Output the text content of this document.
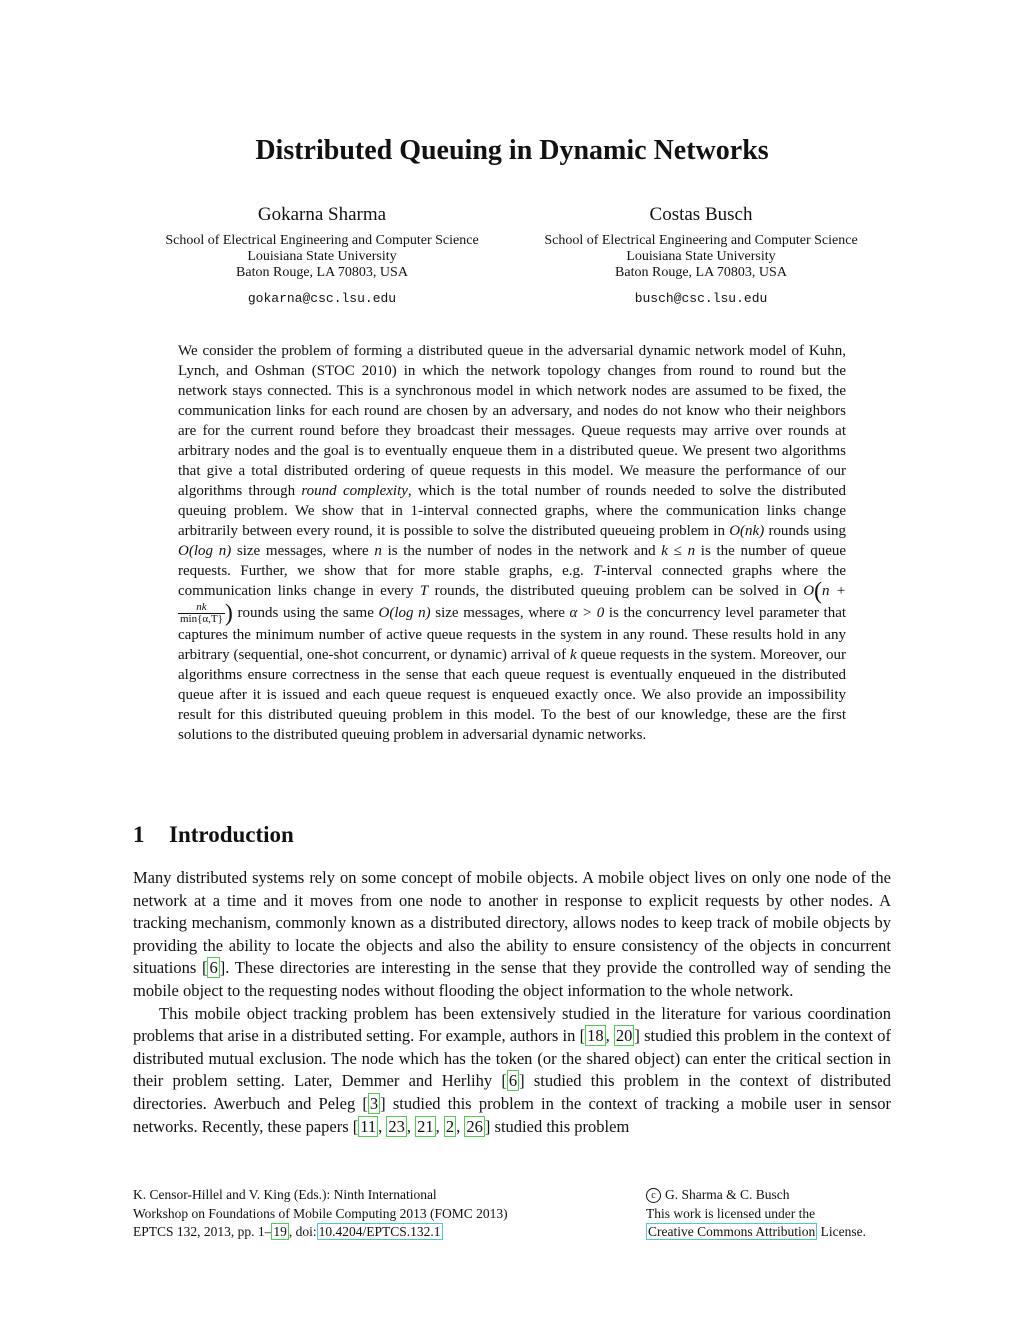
Distributed Queuing in Dynamic Networks
Gokarna Sharma
School of Electrical Engineering and Computer Science
Louisiana State University
Baton Rouge, LA 70803, USA
gokarna@csc.lsu.edu
Costas Busch
School of Electrical Engineering and Computer Science
Louisiana State University
Baton Rouge, LA 70803, USA
busch@csc.lsu.edu

We consider the problem of forming a distributed queue in the adversarial dynamic network model of Kuhn, Lynch, and Oshman (STOC 2010) in which the network topology changes from round to round but the network stays connected. This is a synchronous model in which network nodes are assumed to be fixed, the communication links for each round are chosen by an adversary, and nodes do not know who their neighbors are for the current round before they broadcast their messages. Queue requests may arrive over rounds at arbitrary nodes and the goal is to eventually enqueue them in a distributed queue. We present two algorithms that give a total distributed ordering of queue requests in this model. We measure the performance of our algorithms through round complexity, which is the total number of rounds needed to solve the distributed queuing problem. We show that in 1-interval connected graphs, where the communication links change arbitrarily between every round, it is possible to solve the distributed queueing problem in O(nk) rounds using O(log n) size messages, where n is the number of nodes in the network and k ≤ n is the number of queue requests. Further, we show that for more stable graphs, e.g. T-interval connected graphs where the communication links change in every T rounds, the distributed queuing problem can be solved in O(n +
$\frac{nk}{\min\{\alpha,T\}}$ ) rounds using the same O(log n) size messages, where α > 0 is the concurrency level parameter that captures the minimum number of active queue requests in the system in any round. These results hold in any arbitrary (sequential, one-shot concurrent, or dynamic) arrival of k queue requests in the system. Moreover, our algorithms ensure correctness in the sense that each queue request is eventually enqueued in the distributed queue after it is issued and each queue request is enqueued exactly once. We also provide an impossibility result for this distributed queuing problem in this model. To the best of our knowledge, these are the first solutions to the distributed queuing problem in adversarial dynamic networks.

1 Introduction

Many distributed systems rely on some concept of mobile objects. A mobile object lives on only one node of the network at a time and it moves from one node to another in response to explicit requests by other nodes. A tracking mechanism, commonly known as a distributed directory, allows nodes to keep track of mobile objects by providing the ability to locate the objects and also the ability to ensure consistency of the objects in concurrent situations [ 6 ]. These directories are interesting in the sense that they provide the controlled way of sending the mobile object to the requesting nodes without flooding the object information to the whole network.

This mobile object tracking problem has been extensively studied in the literature for various coordination problems that arise in a distributed setting. For example, authors in [ 18 , 20 ] studied this problem in the context of distributed mutual exclusion. The node which has the token (or the shared object) can enter the critical section in their problem setting. Later, Demmer and Herlihy [ 6 ] studied this problem in the context of distributed directories. Awerbuch and Peleg [ 3 ] studied this problem in the context of tracking a mobile user in sensor networks. Recently, these papers [ 11 , 23 , 21 , 2 , 26 ] studied this problem

K. Censor-Hillel and V. King (Eds.): Ninth International
Workshop on Foundations of Mobile Computing 2013 (FOMC 2013)
EPTCS 132, 2013, pp. 1– 19 , doi: 10.4204/EPTCS.132.1
c G. Sharma & C. Busch
This work is licensed under the
Creative Commons Attribution License.
